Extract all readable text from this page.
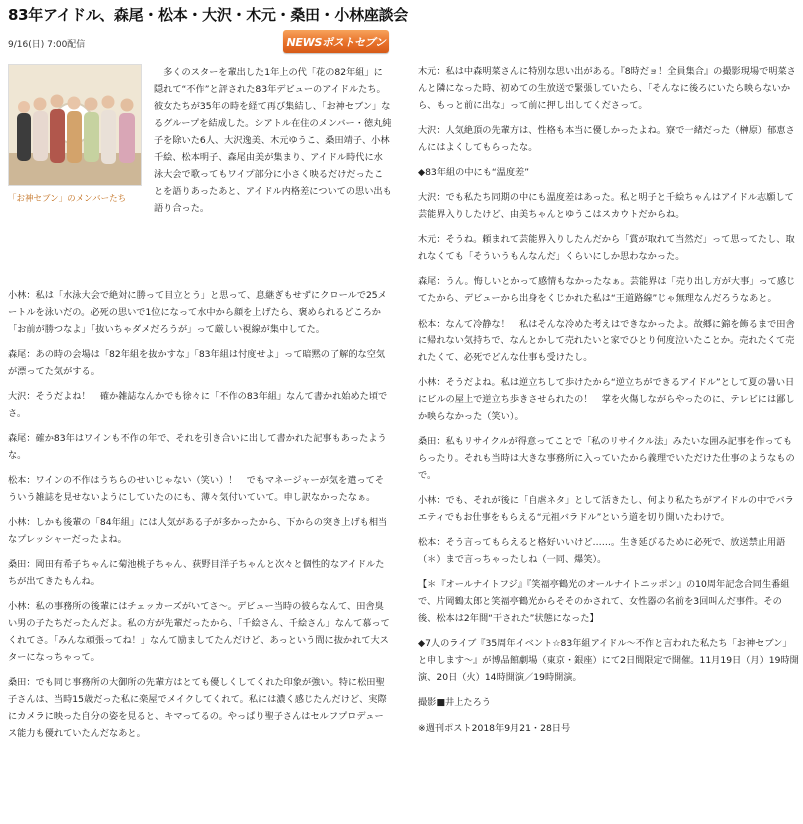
83年アイドル、森尾・松本・大沢・木元・桑田・小林座談会
9/16(日) 7:00配信	NEWSポストセブン
「お神セブン」のメンバーたち

多くのスターを輩出した1年上の代「花の82年組」に隠れて“不作”と評された83年デビューのアイドルたち。彼女たちが35年の時を経て再び集結し、「お神セブン」なるグループを結成した。シアトル在住のメンバー・徳丸純子を除いた6人、大沢逸美、木元ゆうこ、桑田靖子、小林千絵、松本明子、森尾由美が集まり、アイドル時代に水泳大会で歌ってもワイプ部分に小さく映るだけだったことを語りあったあと、アイドル内格差についての思い出も語り合った。

小林：私は「水泳大会で絶対に勝って目立とう」と思って、息継ぎもせずにクロールで25メートルを泳いだの。必死の思いで1位になって水中から顔を上げたら、褒められるどころか「お前が勝つなよ」「抜いちゃダメだろうが」って厳しい視線が集中してた。

森尾：あの時の会場は「82年組を抜かすな」「83年組は忖度せよ」って暗黙の了解的な空気が漂ってた気がする。

大沢：そうだよね！　確か雑誌なんかでも徐々に「不作の83年組」なんて書かれ始めた頃でさ。

森尾：確か83年はワインも不作の年で、それを引き合いに出して書かれた記事もあったような。

松本：ワインの不作はうちらのせいじゃない（笑い）！　でもマネージャーが気を遣ってそういう雑誌を見せないようにしていたのにも、薄々気付いていて。申し訳なかったなぁ。

小林：しかも後輩の「84年組」には人気がある子が多かったから、下からの突き上げも相当なプレッシャーだったよね。

桑田：岡田有希子ちゃんに菊池桃子ちゃん、荻野目洋子ちゃんと次々と個性的なアイドルたちが出てきたもんね。

小林：私の事務所の後輩にはチェッカーズがいてさ～。デビュー当時の彼らなんて、田舎臭い男の子たちだったんだよ。私の方が先輩だったから、「千絵さん、千絵さん」なんて慕ってくれてさ。「みんな頑張ってね！」なんて励ましてたんだけど、あっという間に抜かれて大スターになっちゃって。

桑田：でも同じ事務所の大御所の先輩方はとても優しくしてくれた印象が強い。特に松田聖子さんは、当時15歳だった私に楽屋でメイクしてくれて。私には濃く感じたんだけど、実際にカメラに映った自分の姿を見ると、キマってるの。やっぱり聖子さんはセルフプロデュース能力も優れていたんだなあと。

木元：私は中森明菜さんに特別な思い出がある。『8時だョ！全員集合』の撮影現場で明菜さんと隣になった時、初めての生放送で緊張していたら、「そんなに後ろにいたら映らないから、もっと前に出な」って前に押し出してくださって。

大沢：人気絶頂の先輩方は、性格も本当に優しかったよね。寮で一緒だった（榊原）郁恵さんにはよくしてもらったな。

◆83年組の中にも“温度差”

大沢：でも私たち同期の中にも温度差はあった。私と明子と千絵ちゃんはアイドル志願して芸能界入りしたけど、由美ちゃんとゆうこはスカウトだからね。

木元：そうね。頼まれて芸能界入りしたんだから「賞が取れて当然だ」って思ってたし、取れなくても「そういうもんなんだ」くらいにしか思わなかった。

森尾：うん。悔しいとかって感情もなかったなぁ。芸能界は「売り出し方が大事」って感じてたから、デビューから出身をくじかれた私は“王道路線”じゃ無理なんだろうなあと。

松本：なんて冷静な！　私はそんな冷めた考えはできなかったよ。故郷に錦を飾るまで田舎に帰れない気持ちで、なんとかして売れたいと家でひとり何度泣いたことか。売れたくて売れたくて、必死でどんな仕事も受けたし。

小林：そうだよね。私は逆立ちして歩けたから“逆立ちができるアイドル”として夏の暑い日にビルの屋上で逆立ち歩きさせられたの！　掌を火傷しながらやったのに、テレビには鄙しか映らなかった（笑い）。

桑田：私もリサイクルが得意ってことで「私のリサイクル法」みたいな囲み記事を作ってもらったり。それも当時は大きな事務所に入っていたから義理でいただけた仕事のようなもので。

小林：でも、それが後に「自虐ネタ」として活きたし、何より私たちがアイドルの中でバラエティでもお仕事をもらえる“元祖バラドル”という道を切り開いたわけで。

松本：そう言ってもらえると格好いいけど……。生き延びるために必死で、放送禁止用語（＊）まで言っちゃったしね（一同、爆笑）。

【＊『オールナイトフジ』『笑福亭鶴光のオールナイトニッポン』の10周年記念合同生番組で、片岡鶴太郎と笑福亭鶴光からそそのかされて、女性器の名前を3回叫んだ事件。その後、松本は2年間“干された”状態になった】

◆7人のライブ『35周年イベント☆83年組アイドル～不作と言われた私たち「お神セブン」と申します～』が博品館劇場（東京・銀座）にて2日間限定で開催。11月19日（月）19時開演、20日（火）14時開演／19時開演。

撮影■井上たろう

※週刊ポスト2018年9月21・28日号
